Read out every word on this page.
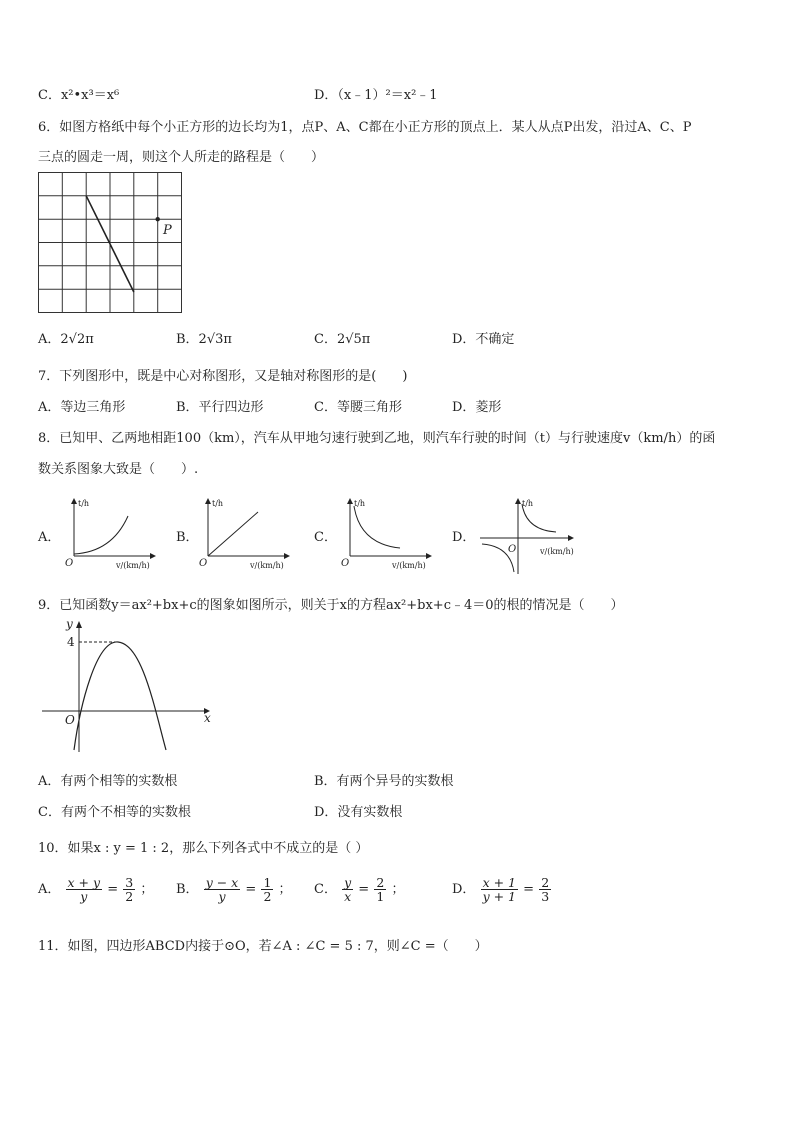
C．x²•x³＝x⁶	D．（x﹣1）²＝x²﹣1
6．如图方格纸中每个小正方形的边长均为1，点P、A、C都在小正方形的顶点上．某人从点P出发，沿过A、C、P
三点的圆走一周，则这个人所走的路程是（　　）
P
A．2√2π	B．2√3π	C．2√5π	D．不确定
7．下列图形中，既是中心对称图形，又是轴对称图形的是(　　)
A．等边三角形	B．平行四边形	C．等腰三角形	D．菱形
8．已知甲、乙两地相距100（km），汽车从甲地匀速行驶到乙地，则汽车行驶的时间（t）与行驶速度v（km/h）的函
数关系图象大致是（　　）.
A．
t/h
O	v/(km/h)
B．
t/h
O	v/(km/h)
C．
t/h
O	v/(km/h)
D．
t/h
O	v/(km/h)
9．已知函数y＝ax²+bx+c的图象如图所示，则关于x的方程ax²+bx+c﹣4＝0的根的情况是（　　）
y
4
O	x
A．有两个相等的实数根	B．有两个异号的实数根
C．有两个不相等的实数根	D．没有实数根
10．如果x : y = 1 : 2，那么下列各式中不成立的是（ ）
A． $\frac{x + y}{y} = \frac{3}{2}$ ； B． $\frac{y - x}{y} = \frac{1}{2}$ ； C． $\frac{y}{x} = \frac{2}{1}$ ；	D． $\frac{x + 1}{y + 1} = \frac{2}{3}$
11．如图，四边形ABCD内接于⊙O，若∠A : ∠C = 5 : 7，则∠C =（　　）
